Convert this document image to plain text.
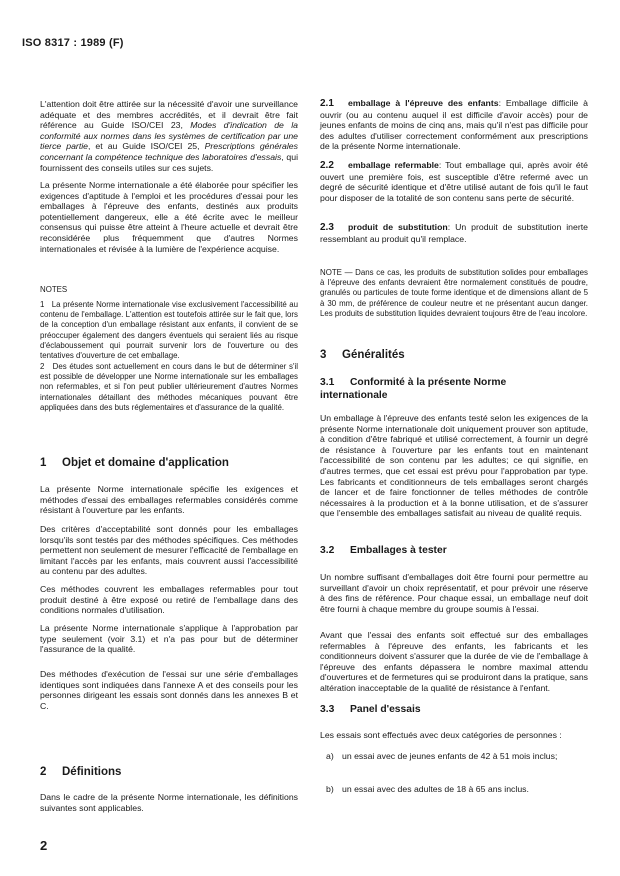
ISO 8317 : 1989 (F)

L'attention doit être attirée sur la nécessité d'avoir une surveillance adéquate et des membres accrédités, et il devrait être fait référence au Guide ISO/CEI 23, Modes d'indication de la conformité aux normes dans les systèmes de certification par une tierce partie, et au Guide ISO/CEI 25, Prescriptions générales concernant la compétence technique des laboratoires d'essais, qui fournissent des conseils utiles sur ces sujets.

La présente Norme internationale a été élaborée pour spécifier les exigences d'aptitude à l'emploi et les procédures d'essai pour les emballages à l'épreuve des enfants, destinés aux produits potentiellement dangereux, elle a été écrite avec le meilleur consensus qui puisse être atteint à l'heure actuelle et devrait être reconsidérée plus fréquemment que d'autres Normes internationales et révisée à la lumière de l'expérience acquise.

NOTES

1 La présente Norme internationale vise exclusivement l'accessibilité au contenu de l'emballage. L'attention est toutefois attirée sur le fait que, lors de la conception d'un emballage résistant aux enfants, il convient de se préoccuper également des dangers éventuels qui seraient liés au risque d'éclaboussement qui pourrait survenir lors de l'ouverture ou des tentatives d'ouverture de cet emballage.

2 Des études sont actuellement en cours dans le but de déterminer s'il est possible de développer une Norme internationale sur les emballages non refermables, et si l'on peut publier ultérieurement d'autres Normes internationales détaillant des méthodes mécaniques pouvant être appliquées dans des buts réglementaires et d'assurance de la qualité.

1 Objet et domaine d'application

La présente Norme internationale spécifie les exigences et méthodes d'essai des emballages refermables considérés comme résistant à l'ouverture par les enfants.

Des critères d'acceptabilité sont donnés pour les emballages lorsqu'ils sont testés par des méthodes spécifiques. Ces méthodes permettent non seulement de mesurer l'efficacité de l'emballage en limitant l'accès par les enfants, mais couvrent aussi l'accessibilité au contenu par des adultes.

Ces méthodes couvrent les emballages refermables pour tout produit destiné à être exposé ou retiré de l'emballage dans des conditions normales d'utilisation.

La présente Norme internationale s'applique à l'approbation par type seulement (voir 3.1) et n'a pas pour but de déterminer l'assurance de la qualité.

Des méthodes d'exécution de l'essai sur une série d'emballages identiques sont indiquées dans l'annexe A et des conseils pour les personnes dirigeant les essais sont donnés dans les annexes B et C.

2 Définitions

Dans le cadre de la présente Norme internationale, les définitions suivantes sont applicables.

2

2.1 emballage à l'épreuve des enfants: Emballage difficile à ouvrir (ou au contenu auquel il est difficile d'avoir accès) pour de jeunes enfants de moins de cinq ans, mais qu'il n'est pas difficile pour des adultes d'utiliser correctement conformément aux prescriptions de la présente Norme internationale.

2.2 emballage refermable: Tout emballage qui, après avoir été ouvert une première fois, est susceptible d'être refermé avec un degré de sécurité identique et d'être utilisé autant de fois qu'il le faut pour disposer de la totalité de son contenu sans perte de sécurité.

2.3 produit de substitution: Un produit de substitution inerte ressemblant au produit qu'il remplace.

NOTE — Dans ce cas, les produits de substitution solides pour emballages à l'épreuve des enfants devraient être normalement constitués de poudre, granulés ou particules de toute forme identique et de dimensions allant de 5 à 30 mm, de préférence de couleur neutre et ne présentant aucun danger. Les produits de substitution liquides devraient toujours être de l'eau incolore.

3 Généralités
3.1 Conformité à la présente Norme internationale

Un emballage à l'épreuve des enfants testé selon les exigences de la présente Norme internationale doit uniquement prouver son aptitude, à condition d'être fabriqué et utilisé correctement, à fournir un degré de résistance à l'ouverture par les enfants tout en maintenant l'accessibilité de son contenu par les adultes; ce qui signifie, en d'autres termes, que cet essai est prévu pour l'approbation par type. Les fabricants et conditionneurs de tels emballages seront chargés de lancer et de faire fonctionner de telles méthodes de contrôle nécessaires à la production et à la bonne utilisation, et de s'assurer que l'ensemble des emballages satisfait au niveau de qualité requis.

3.2 Emballages à tester

Un nombre suffisant d'emballages doit être fourni pour permettre au surveillant d'avoir un choix représentatif, et pour prévoir une réserve à des fins de référence. Pour chaque essai, un emballage neuf doit être fourni à chaque membre du groupe soumis à l'essai.

Avant que l'essai des enfants soit effectué sur des emballages refermables à l'épreuve des enfants, les fabricants et les conditionneurs doivent s'assurer que la durée de vie de l'emballage à l'épreuve des enfants dépassera le nombre maximal attendu d'ouvertures et de fermetures qui se produiront dans la pratique, sans altération inacceptable de la qualité de résistance à l'enfant.

3.3 Panel d'essais

Les essais sont effectués avec deux catégories de personnes :

a) un essai avec de jeunes enfants de 42 à 51 mois inclus;

b) un essai avec des adultes de 18 à 65 ans inclus.
